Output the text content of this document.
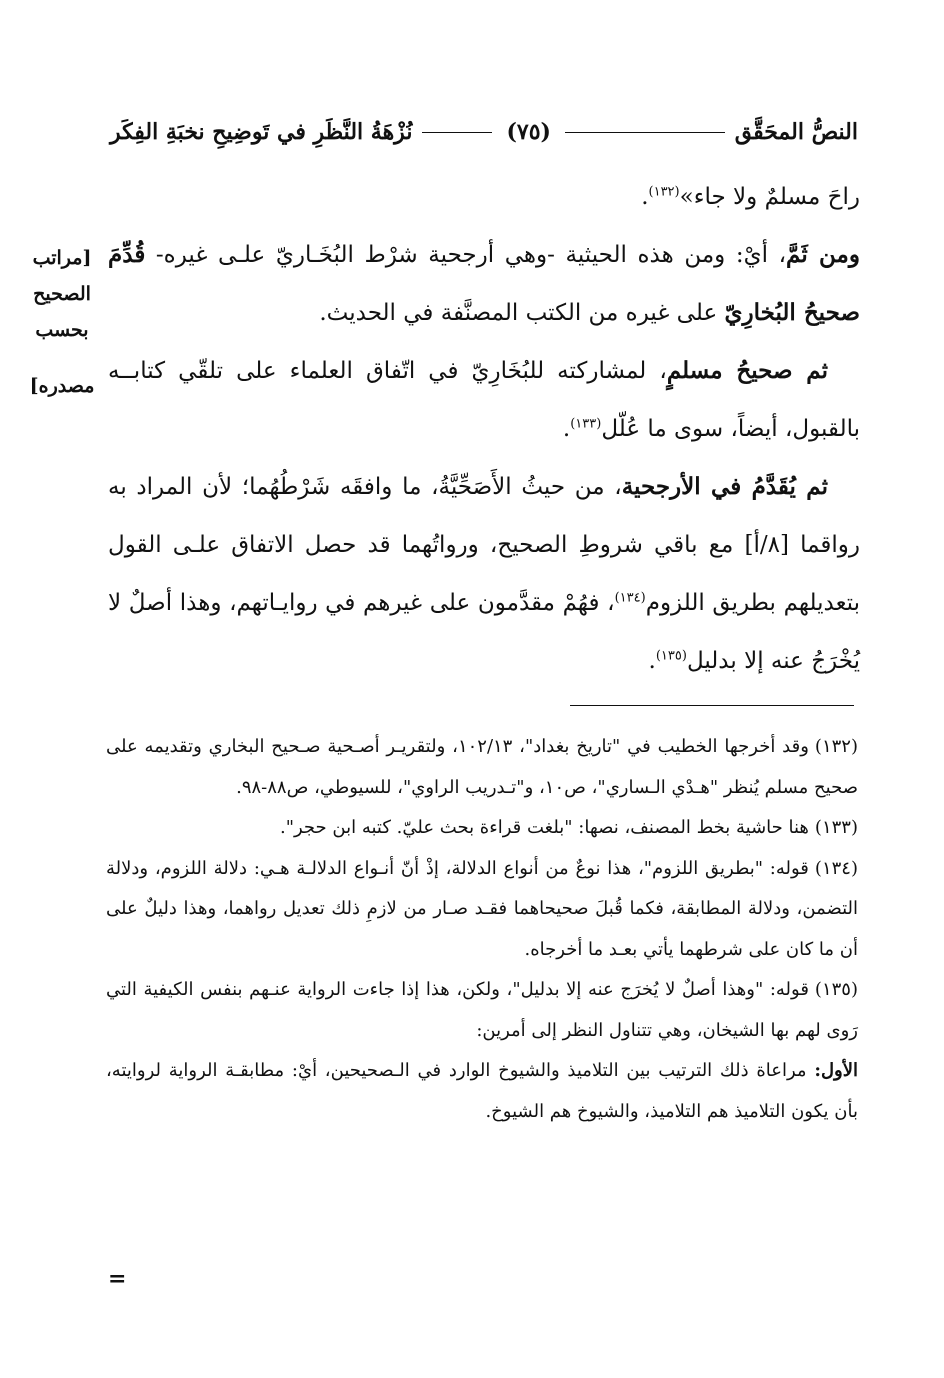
النصُّ المحَقَّق
(٧٥)
نُزْهَةُ النَّظَرِ في تَوضِيحِ نخبَةِ الفِكَر

راحَ مسلمٌ ولا جاء»$^{(١٣٢)}$.

ومن ثَمَّ، أيْ: ومن هذه الحيثية -وهي أرجحية شرْط البُخَـاريّ علـى غيره- قُدِّمَ صحيحُ البُخارِيّ على غيره من الكتب المصنَّفة في الحديث.

ثم صحيحُ مسلمٍ، لمشاركته للبُخَارِيّ في اتّفاق العلماء على تلقّي كتابــه بالقبول، أيضاً، سوى ما عُلّل$^{(١٣٣)}$.

ثم يُقَدَّمُ في الأرجحية، من حيثُ الأَصَحِّيَّةُ، ما وافقَه شَرْطُهُما؛ لأن المراد به رواقما [٨/أ] مع باقي شروطِ الصحيح، ورواتُهما قد حصل الاتفاق علـى القول بتعديلهم بطريق اللزوم$^{(١٣٤)}$، فهُمْ مقدَّمون على غيرهم في روايـاتهم، وهذا أصلٌ لا يُخْرَجُ عنه إلا بدليل$^{(١٣٥)}$.

[مراتب
الصحيح
بحسب
مصدره]

(١٣٢)وقد أخرجها الخطيب في "تاريخ بغداد"، ١٠٢/١٣، ولتقريـر أصـحية صـحيح البخاري وتقديمه على صحيح مسلم يُنظر "هـدْي الـساري"، ص١٠، و"تـدريب الراوي"، للسيوطي، ص٨٨-٩٨.

(١٣٣)هنا حاشية بخط المصنف، نصها: "بلغت قراءة بحث عليّ. كتبه ابن حجر".

(١٣٤)قوله: "بطريق اللزوم"، هذا نوعٌ من أنواع الدلالة، إذْ أنّ أنـواع الدلالـة هـي: دلالة اللزوم، ودلالة التضمن، ودلالة المطابقة، فكما قُبلَ صحيحاهما فقـد صـار من لازمِ ذلك تعديل رواهما، وهذا دليلٌ على أن ما كان على شرطهما يأتي بعـد ما أخرجاه.

(١٣٥)قوله: "وهذا أصلٌ لا يُخرَج عنه إلا بدليل"، ولكن، هذا إذا جاءت الرواية عنـهم بنفس الكيفية التي رَوى لهم بها الشيخان، وهي تتناول النظر إلى أمرين:

الأول: مراعاة ذلك الترتيب بين التلاميذ والشيوخ الوارد في الـصحيحين، أيْ: مطابقـة الرواية لروايته، بأن يكون التلاميذ هم التلاميذ، والشيوخ هم الشيوخ.

=
